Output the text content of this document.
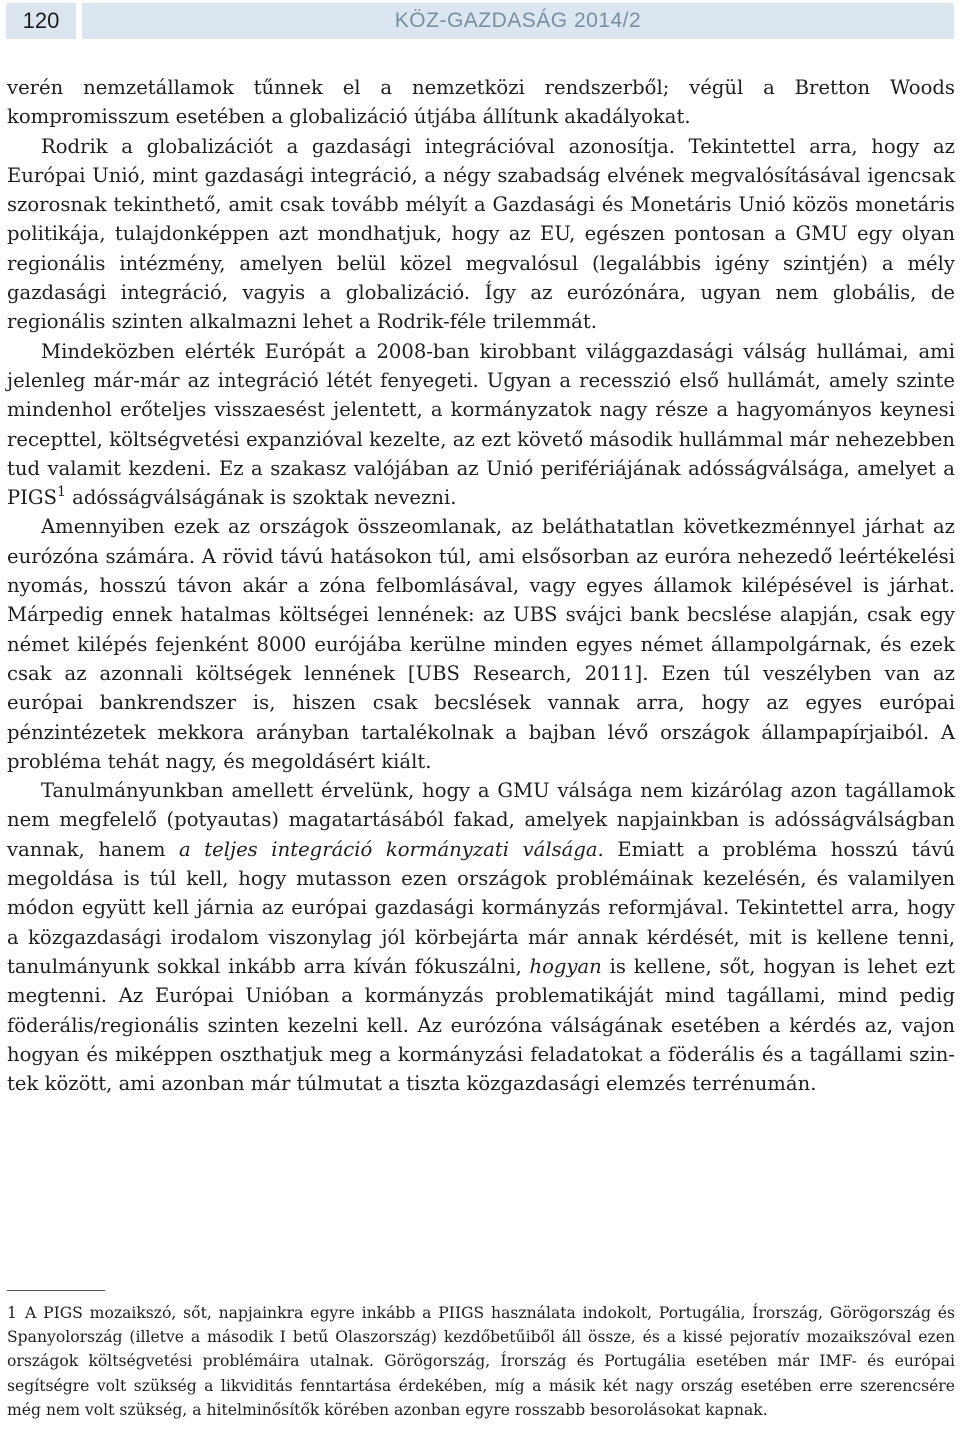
120	KÖZ-GAZDASÁG 2014/2

verén nemzetállamok tűnnek el a nemzetközi rendszerből; végül a Bretton Woods kompromisszum esetében a globalizáció útjába állítunk akadályokat.

Rodrik a globalizációt a gazdasági integrációval azonosítja. Tekintettel arra, hogy az Európai Unió, mint gazdasági integráció, a négy szabadság elvének megvalósításával igencsak szorosnak tekinthető, amit csak tovább mélyít a Gazdasági és Monetáris Unió közös monetáris politikája, tulajdonképpen azt mondhatjuk, hogy az EU, egészen pontosan a GMU egy olyan regionális intézmény, amelyen belül közel megvalósul (legalábbis igény szintjén) a mély gazdasági integráció, vagyis a globalizáció. Így az eurózónára, ugyan nem globális, de regionális szinten alkalmazni lehet a Rodrik-féle trilemmát.

Mindeközben elérték Európát a 2008-ban kirobbant világgazdasági válság hullámai, ami jelenleg már-már az integráció létét fenyegeti. Ugyan a recesszió első hullámát, amely szinte mindenhol erőteljes visszaesést jelentett, a kormányzatok nagy része a hagyományos keynesi recepttel, költségvetési expanzióval kezelte, az ezt követő második hullámmal már nehezebben tud valamit kezdeni. Ez a szakasz valójában az Unió perifériájának adósságválsága, amelyet a PIGS$^1$ adósságválságának is szoktak nevezni.

Amennyiben ezek az országok összeomlanak, az beláthatatlan következménnyel járhat az eurózóna számára. A rövid távú hatásokon túl, ami elsősorban az euróra nehezedő leértékelési nyomás, hosszú távon akár a zóna felbomlásával, vagy egyes államok kilépésével is járhat. Márpedig ennek hatalmas költségei lennének: az UBS svájci bank becslése alapján, csak egy német kilépés fejenként 8000 eurójába kerülne minden egyes német állampolgárnak, és ezek csak az azonnali költségek lennének [UBS Research, 2011]. Ezen túl veszélyben van az európai bankrendszer is, hiszen csak becslések vannak arra, hogy az egyes európai pénzintézetek mekkora arányban tartalékolnak a bajban lévő országok állampapírjaiból. A probléma tehát nagy, és megoldásért kiált.

Tanulmányunkban amellett érvelünk, hogy a GMU válsága nem kizárólag azon tagállamok nem megfelelő (potyautas) magatartásából fakad, amelyek napjainkban is adósságválságban vannak, hanem a teljes integráció kormányzati válsága. Emiatt a probléma hosszú távú megoldása is túl kell, hogy mutasson ezen országok problémáinak kezelésén, és valamilyen módon együtt kell járnia az európai gazdasági kormányzás reformjával. Tekintettel arra, hogy a közgazdasági irodalom viszonylag jól körbejárta már annak kérdését, mit is kellene tenni, tanulmányunk sokkal inkább arra kíván fókuszálni, hogyan is kellene, sőt, hogyan is lehet ezt megtenni. Az Európai Unióban a kormányzás problematikáját mind tagállami, mind pedig föderális/regionális szinten kezelni kell. Az eurózóna válságának esetében a kérdés az, vajon hogyan és miképpen oszthatjuk meg a kormányzási feladatokat a föderális és a tagállami szintek között, ami azonban már túlmutat a tiszta közgazdasági elemzés terrénumán.

1 A PIGS mozaikszó, sőt, napjainkra egyre inkább a PIIGS használata indokolt, Portugália, Írország, Görögország és Spanyolország (illetve a második I betű Olaszország) kezdőbetűiből áll össze, és a kissé pejoratív mozaikszóval ezen országok költségvetési problémáira utalnak. Görögország, Írország és Portugália esetében már IMF- és európai segítségre volt szükség a likviditás fenntartása érdekében, míg a másik két nagy ország esetében erre szerencsére még nem volt szükség, a hitelminősítők körében azonban egyre rosszabb besorolásokat kapnak.
